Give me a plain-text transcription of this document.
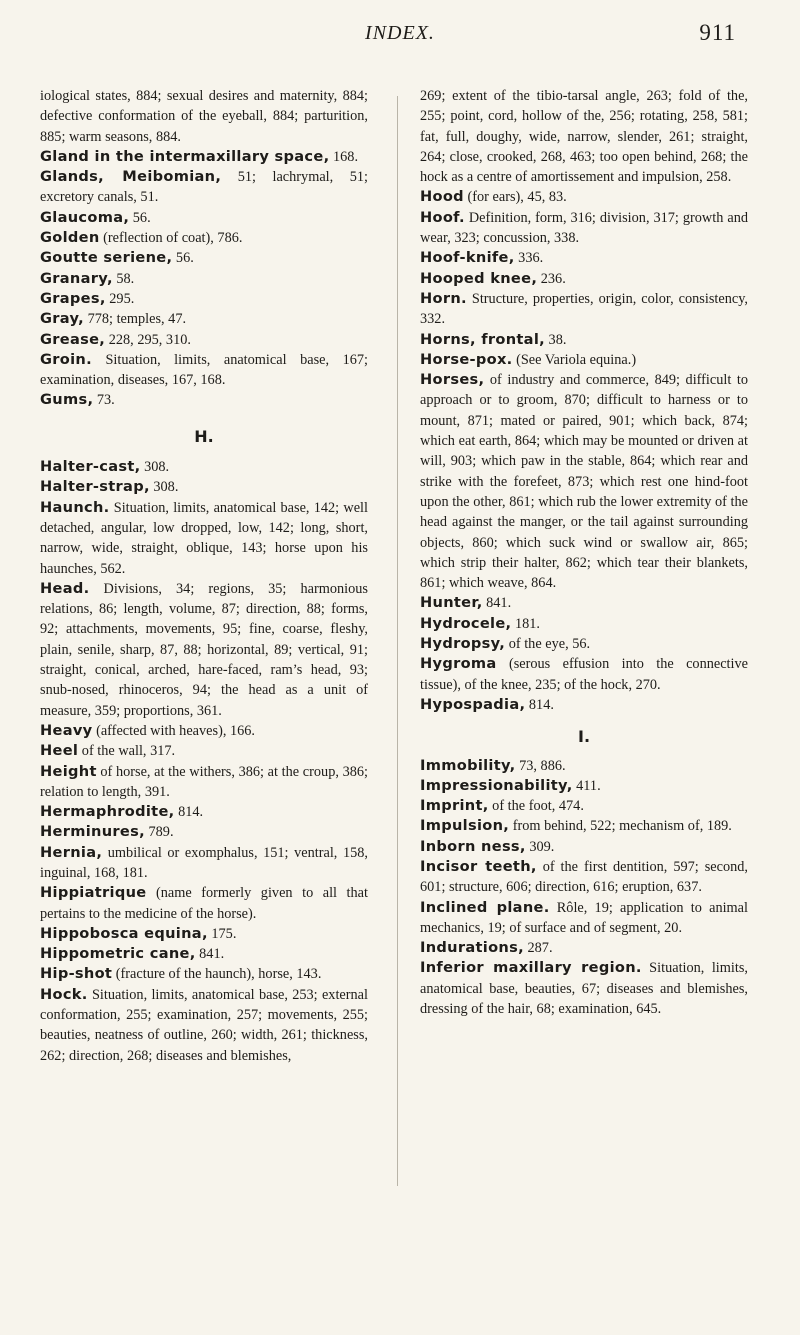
INDEX.	911

iological states, 884; sexual desires and maternity, 884; defective conformation of the eyeball, 884; parturition, 885; warm seasons, 884.

Gland in the intermaxillary space, 168.

Glands, Meibomian, 51; lachrymal, 51; excretory canals, 51.

Glaucoma, 56.

Golden (reflection of coat), 786.

Goutte seriene, 56.

Granary, 58.

Grapes, 295.

Gray, 778; temples, 47.

Grease, 228, 295, 310.

Groin. Situation, limits, anatomical base, 167; examination, diseases, 167, 168.

Gums, 73.

H.

Halter-cast, 308.

Halter-strap, 308.

Haunch. Situation, limits, anatomical base, 142; well detached, angular, low dropped, low, 142; long, short, narrow, wide, straight, oblique, 143; horse upon his haunches, 562.

Head. Divisions, 34; regions, 35; harmonious relations, 86; length, volume, 87; direction, 88; forms, 92; attachments, movements, 95; fine, coarse, fleshy, plain, senile, sharp, 87, 88; horizontal, 89; vertical, 91; straight, conical, arched, hare-faced, ram’s head, 93; snub-nosed, rhinoceros, 94; the head as a unit of measure, 359; proportions, 361.

Heavy (affected with heaves), 166.

Heel of the wall, 317.

Height of horse, at the withers, 386; at the croup, 386; relation to length, 391.

Hermaphrodite, 814.

Herminures, 789.

Hernia, umbilical or exomphalus, 151; ventral, 158, inguinal, 168, 181.

Hippiatrique (name formerly given to all that pertains to the medicine of the horse).

Hippobosca equina, 175.

Hippometric cane, 841.

Hip-shot (fracture of the haunch), horse, 143.

Hock. Situation, limits, anatomical base, 253; external conformation, 255; examination, 257; movements, 255; beauties, neatness of outline, 260; width, 261; thickness, 262; direction, 268; diseases and blemishes,

269; extent of the tibio-tarsal angle, 263; fold of the, 255; point, cord, hollow of the, 256; rotating, 258, 581; fat, full, doughy, wide, narrow, slender, 261; straight, 264; close, crooked, 268, 463; too open behind, 268; the hock as a centre of amortissement and impulsion, 258.

Hood (for ears), 45, 83.

Hoof. Definition, form, 316; division, 317; growth and wear, 323; concussion, 338.

Hoof-knife, 336.

Hooped knee, 236.

Horn. Structure, properties, origin, color, consistency, 332.

Horns, frontal, 38.

Horse-pox. (See Variola equina.)

Horses, of industry and commerce, 849; difficult to approach or to groom, 870; difficult to harness or to mount, 871; mated or paired, 901; which back, 874; which eat earth, 864; which may be mounted or driven at will, 903; which paw in the stable, 864; which rear and strike with the forefeet, 873; which rest one hind-foot upon the other, 861; which rub the lower extremity of the head against the manger, or the tail against surrounding objects, 860; which suck wind or swallow air, 865; which strip their halter, 862; which tear their blankets, 861; which weave, 864.

Hunter, 841.

Hydrocele, 181.

Hydropsy, of the eye, 56.

Hygroma (serous effusion into the connective tissue), of the knee, 235; of the hock, 270.

Hypospadia, 814.

I.

Immobility, 73, 886.

Impressionability, 411.

Imprint, of the foot, 474.

Impulsion, from behind, 522; mechanism of, 189.

Inborn ness, 309.

Incisor teeth, of the first dentition, 597; second, 601; structure, 606; direction, 616; eruption, 637.

Inclined plane. Rôle, 19; application to animal mechanics, 19; of surface and of segment, 20.

Indurations, 287.

Inferior maxillary region. Situation, limits, anatomical base, beauties, 67; diseases and blemishes, dressing of the hair, 68; examination, 645.
